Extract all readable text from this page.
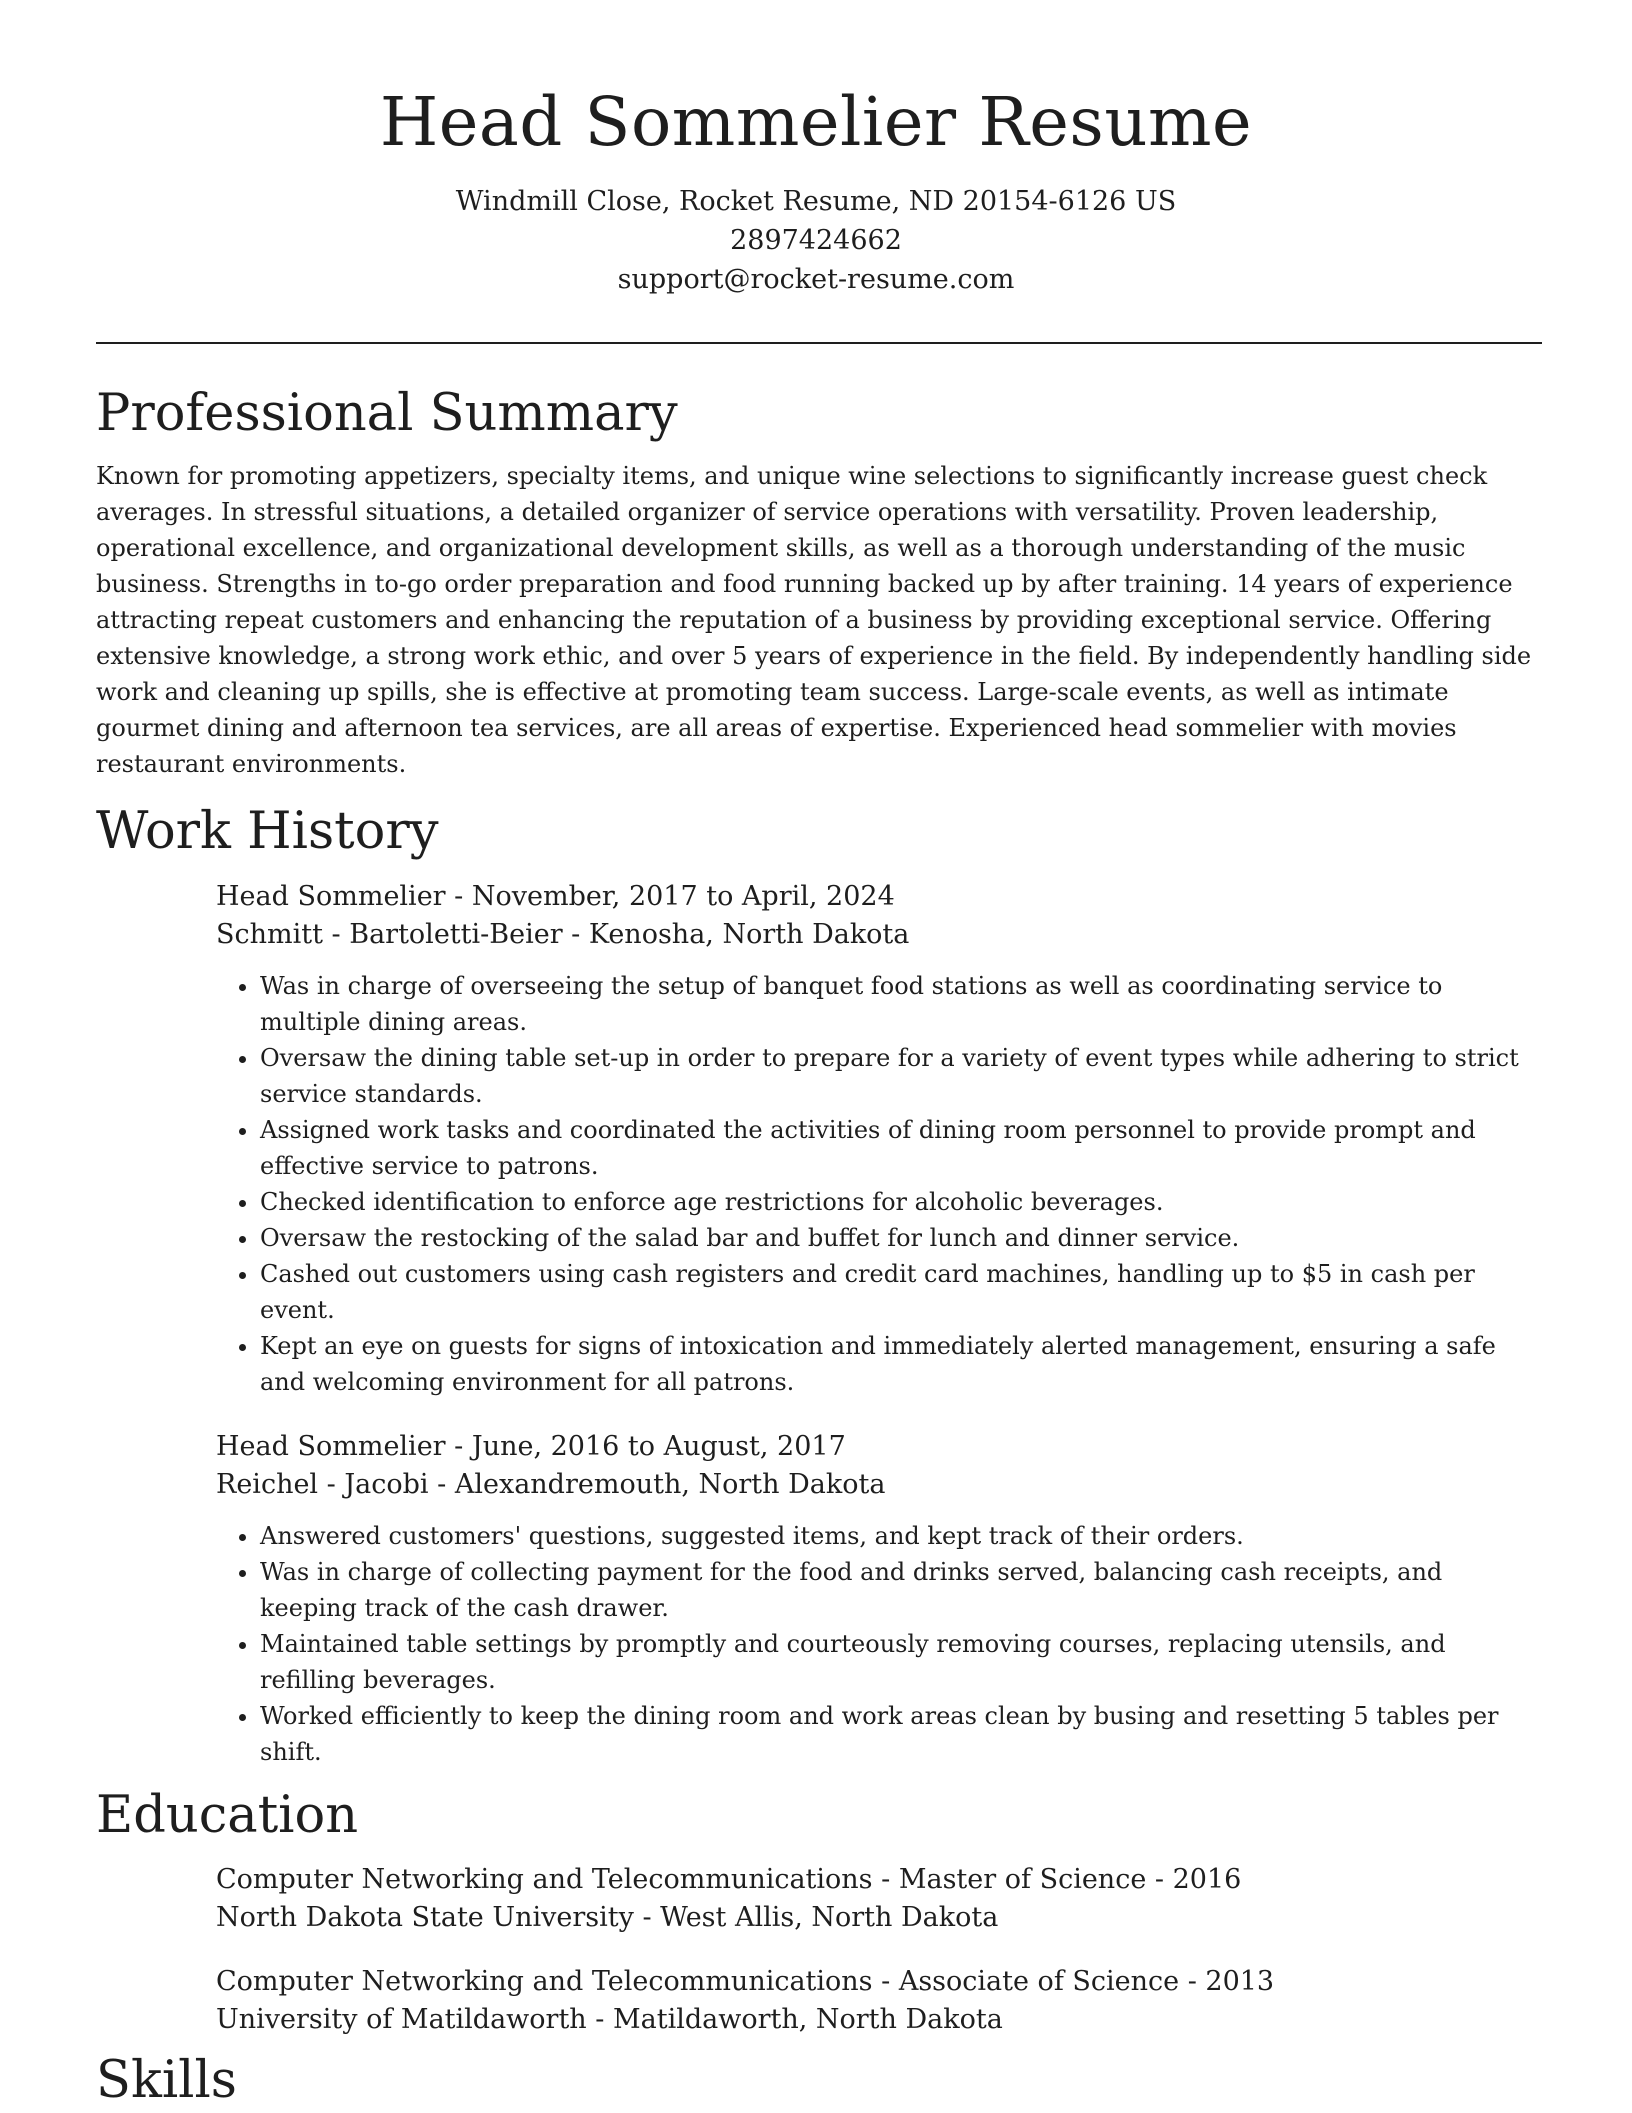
Head Sommelier Resume

Windmill Close, Rocket Resume, ND 20154-6126 US

2897424662

support@rocket-resume.com

Professional Summary

Known for promoting appetizers, specialty items, and unique wine selections to significantly increase guest check averages. In stressful situations, a detailed organizer of service operations with versatility. Proven leadership, operational excellence, and organizational development skills, as well as a thorough understanding of the music business. Strengths in to-go order preparation and food running backed up by after training. 14 years of experience attracting repeat customers and enhancing the reputation of a business by providing exceptional service. Offering extensive knowledge, a strong work ethic, and over 5 years of experience in the field. By independently handling side work and cleaning up spills, she is effective at promoting team success. Large-scale events, as well as intimate gourmet dining and afternoon tea services, are all areas of expertise. Experienced head sommelier with movies restaurant environments.

Work History

Head Sommelier - November, 2017 to April, 2024

Schmitt - Bartoletti-Beier - Kenosha, North Dakota

• Was in charge of overseeing the setup of banquet food stations as well as coordinating service to multiple dining areas.
• Oversaw the dining table set-up in order to prepare for a variety of event types while adhering to strict service standards.
• Assigned work tasks and coordinated the activities of dining room personnel to provide prompt and effective service to patrons.
• Checked identification to enforce age restrictions for alcoholic beverages.
• Oversaw the restocking of the salad bar and buffet for lunch and dinner service.
• Cashed out customers using cash registers and credit card machines, handling up to $5 in cash per event.
• Kept an eye on guests for signs of intoxication and immediately alerted management, ensuring a safe and welcoming environment for all patrons.

Head Sommelier - June, 2016 to August, 2017

Reichel - Jacobi - Alexandremouth, North Dakota

• Answered customers' questions, suggested items, and kept track of their orders.
• Was in charge of collecting payment for the food and drinks served, balancing cash receipts, and keeping track of the cash drawer.
• Maintained table settings by promptly and courteously removing courses, replacing utensils, and refilling beverages.
• Worked efficiently to keep the dining room and work areas clean by busing and resetting 5 tables per shift.
Education

Computer Networking and Telecommunications - Master of Science - 2016

North Dakota State University - West Allis, North Dakota

Computer Networking and Telecommunications - Associate of Science - 2013

University of Matildaworth - Matildaworth, North Dakota

Skills
